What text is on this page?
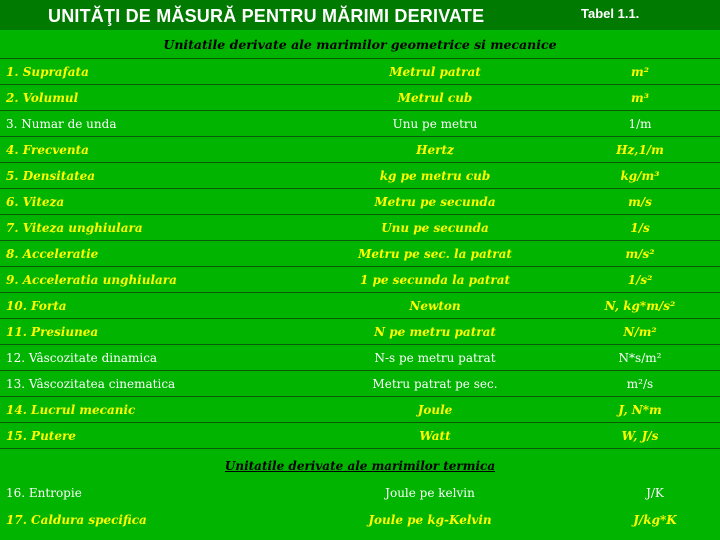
UNITĂŢI DE MĂSURĂ PENTRU MĂRIMI DERIVATE	Tabel 1.1.
Unitatile derivate ale marimilor geometrice si mecanice
1. Suprafata	Metrul patrat	m²
2. Volumul	Metrul cub	m³
3. Numar de unda	Unu pe metru	1/m
4. Frecventa	Hertz	Hz,1/m
5. Densitatea	kg pe metru cub	kg/m³
6. Viteza	Metru pe secunda	m/s
7. Viteza unghiulara	Unu pe secunda	1/s
8. Acceleratie	Metru pe sec. la patrat	m/s²
9. Acceleratia unghiulara	1 pe secunda la patrat	1/s²
10. Forta	Newton	N, kg*m/s²
11. Presiunea	N pe metru patrat	N/m²
12. Vâscozitate dinamica	N-s pe metru patrat	N*s/m²
13. Vâscozitatea cinematica	Metru patrat pe sec.	m²/s
14. Lucrul mecanic	Joule	J, N*m
15. Putere	Watt	W, J/s
Unitatile derivate ale marimilor termica
16. Entropie	Joule pe kelvin	J/K
17. Caldura specifica	Joule pe kg-Kelvin	J/kg*K
